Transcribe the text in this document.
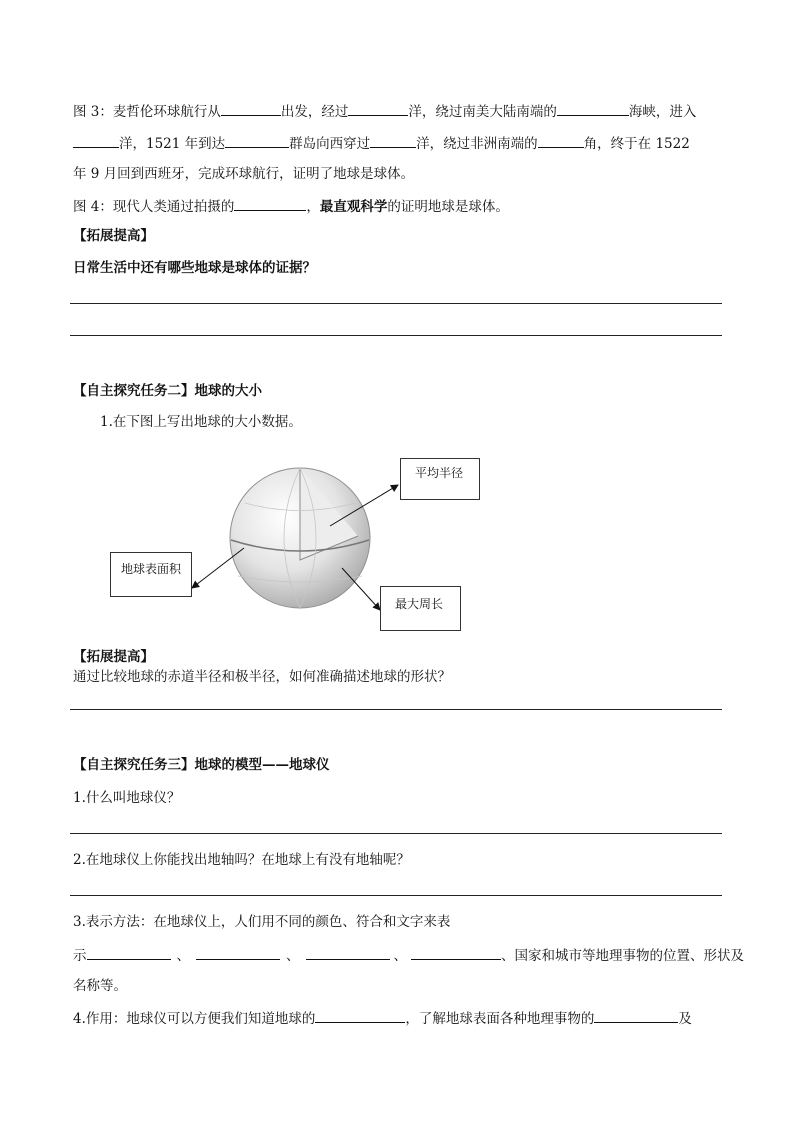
图 3：麦哲伦环球航行从	出发，经过	洋，绕过南美大陆南端的	海峡，进入
洋，1521 年到达	群岛向西穿过	洋，绕过非洲南端的	角，终于在 1522
年 9 月回到西班牙，完成环球航行，证明了地球是球体。
图 4：现代人类通过拍摄的	，最直观科学的证明地球是球体。
【拓展提高】
日常生活中还有哪些地球是球体的证据？
【自主探究任务二】地球的大小
1.在下图上写出地球的大小数据。
平均半径
地球表面积
最大周长
【拓展提高】
通过比较地球的赤道半径和极半径，如何准确描述地球的形状？
【自主探究任务三】地球的模型——地球仪
1.什么叫地球仪？
2.在地球仪上你能找出地轴吗？在地球上有没有地轴呢？
3.表示方法：在地球仪上，人们用不同的颜色、符合和文字来表
示	、	、	、	、国家和城市等地理事物的位置、形状及
名称等。
4.作用：地球仪可以方便我们知道地球的	，了解地球表面各种地理事物的	及
